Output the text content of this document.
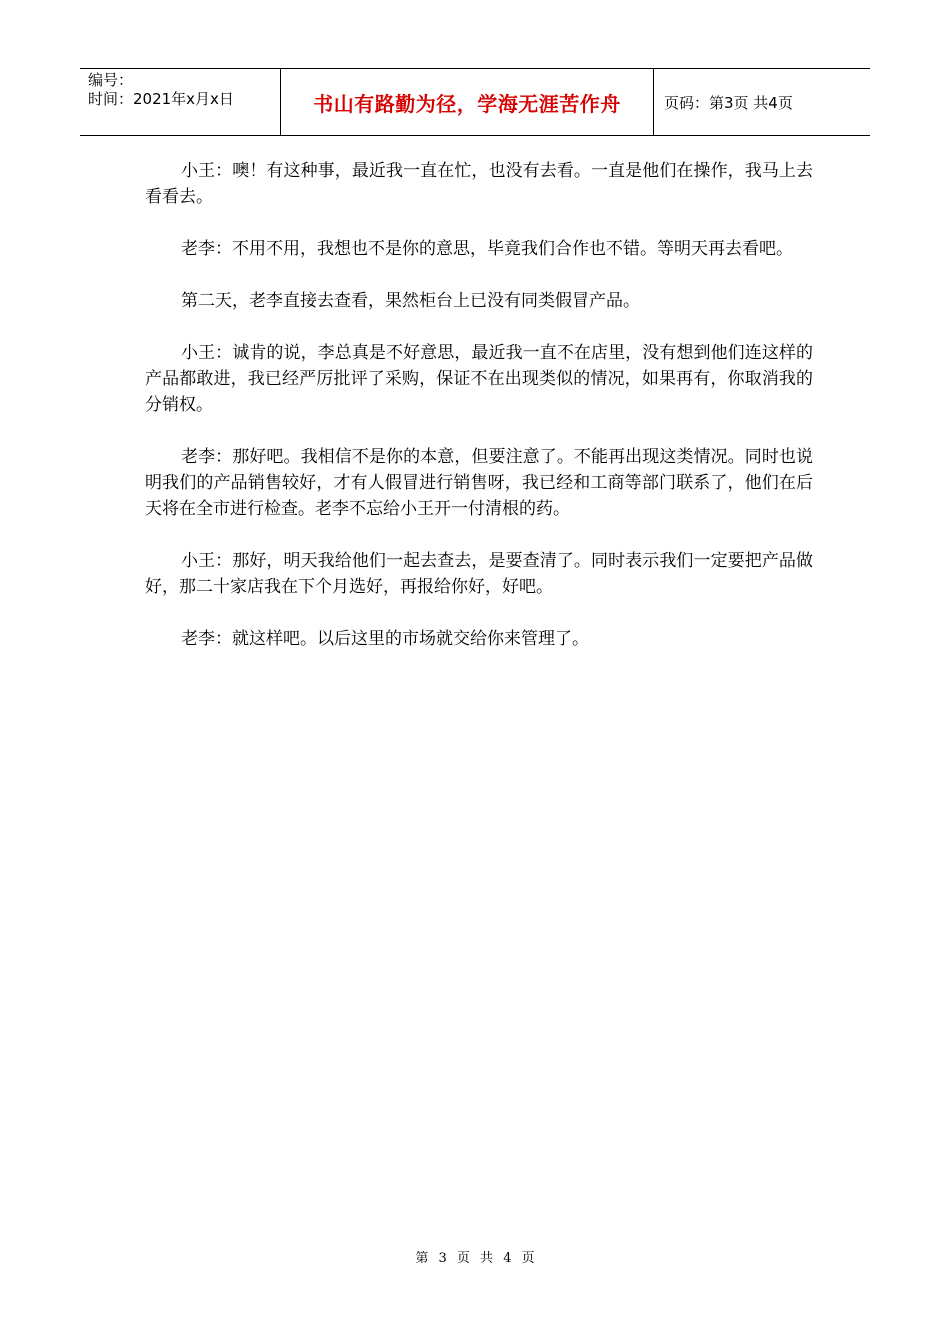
编号：
时间：2021年x月x日	书山有路勤为径，学海无涯苦作舟	页码：第3页 共4页

小王：噢！有这种事，最近我一直在忙，也没有去看。一直是他们在操作，我马上去看看去。

老李：不用不用，我想也不是你的意思，毕竟我们合作也不错。等明天再去看吧。

第二天，老李直接去查看，果然柜台上已没有同类假冒产品。

小王：诚肯的说，李总真是不好意思，最近我一直不在店里，没有想到他们连这样的产品都敢进，我已经严厉批评了采购，保证不在出现类似的情况，如果再有，你取消我的分销权。

老李：那好吧。我相信不是你的本意，但要注意了。不能再出现这类情况。同时也说明我们的产品销售较好，才有人假冒进行销售呀，我已经和工商等部门联系了，他们在后天将在全市进行检查。老李不忘给小王开一付清根的药。

小王：那好，明天我给他们一起去查去，是要查清了。同时表示我们一定要把产品做好，那二十家店我在下个月选好，再报给你好，好吧。

老李：就这样吧。以后这里的市场就交给你来管理了。

第 3 页 共 4 页
